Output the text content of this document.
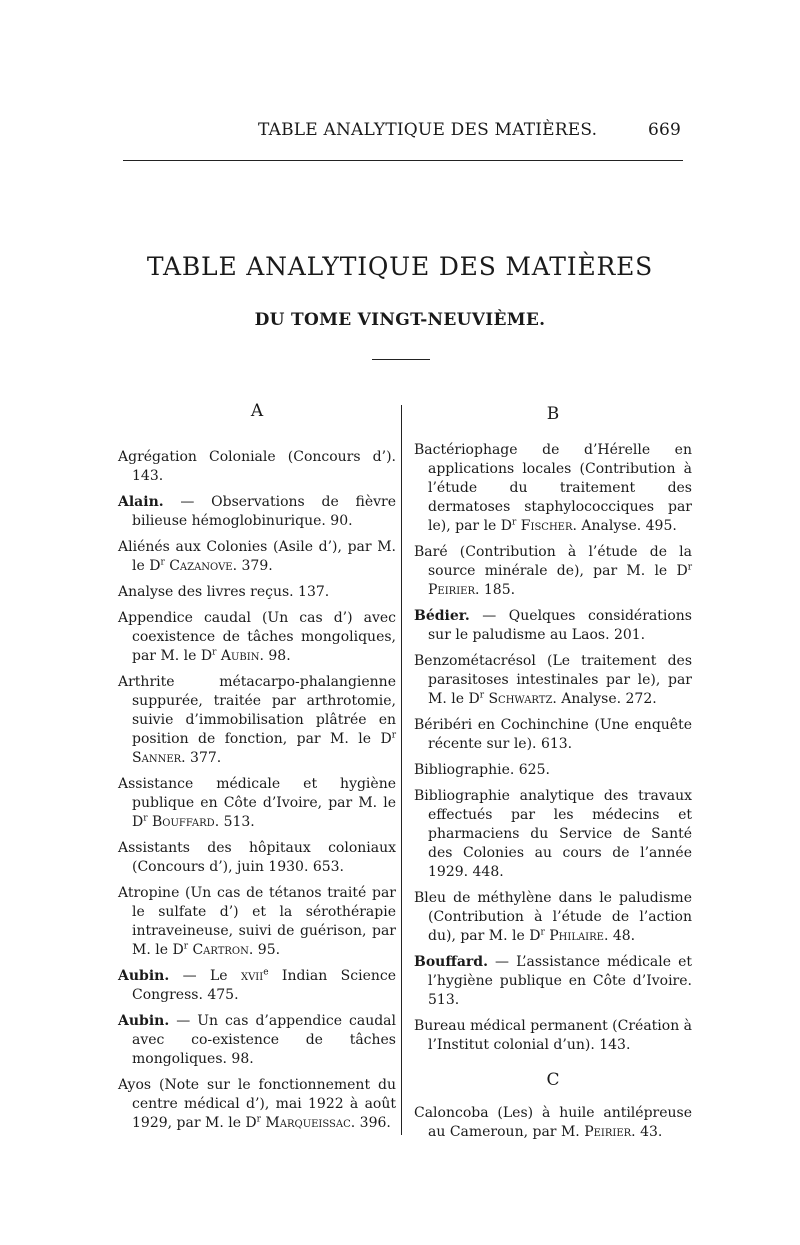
TABLE ANALYTIQUE DES MATIÈRES.	669
TABLE ANALYTIQUE DES MATIÈRES
DU TOME VINGT-NEUVIÈME.
A
Agrégation Coloniale (Concours d’). 143.
Alain. — Observations de fièvre bilieuse hémoglobinurique. 90.
Aliénés aux Colonies (Asile d’), par M. le $D^r$ Cazanove. 379.
Analyse des livres reçus. 137.
Appendice caudal (Un cas d’) avec coexistence de tâches mongoliques, par M. le $D^r$ Aubin. 98.
Arthrite métacarpo-phalangienne suppurée, traitée par arthrotomie, suivie d’immobilisation plâtrée en position de fonction, par M. le $D^r$ Sanner. 377.
Assistance médicale et hygiène publique en Côte d’Ivoire, par M. le $D^r$ Bouffard. 513.
Assistants des hôpitaux coloniaux (Concours d’), juin 1930. 653.
Atropine (Un cas de tétanos traité par le sulfate d’) et la sérothérapie intraveineuse, suivi de guérison, par M. le $D^r$ Cartron. 95.
Aubin. — Le xvii$^e$ Indian Science Congress. 475.
Aubin. — Un cas d’appendice caudal avec co-existence de tâches mongoliques. 98.
Ayos (Note sur le fonctionnement du centre médical d’), mai 1922 à août 1929, par M. le $D^r$ Marqueissac. 396.
B
Bactériophage de d’Hérelle en applications locales (Contribution à l’étude du traitement des dermatoses staphylococciques par le), par le $D^r$ Fischer. Analyse. 495.
Baré (Contribution à l’étude de la source minérale de), par M. le $D^r$ Peirier. 185.
Bédier. — Quelques considérations sur le paludisme au Laos. 201.
Benzométacrésol (Le traitement des parasitoses intestinales par le), par M. le $D^r$ Schwartz. Analyse. 272.
Béribéri en Cochinchine (Une enquête récente sur le). 613.
Bibliographie. 625.
Bibliographie analytique des travaux effectués par les médecins et pharmaciens du Service de Santé des Colonies au cours de l’année 1929. 448.
Bleu de méthylène dans le paludisme (Contribution à l’étude de l’action du), par M. le $D^r$ Philaire. 48.
Bouffard. — L’assistance médicale et l’hygiène publique en Côte d’Ivoire. 513.
Bureau médical permanent (Création à l’Institut colonial d’un). 143.
C
Caloncoba (Les) à huile antilépreuse au Cameroun, par M. Peirier. 43.
